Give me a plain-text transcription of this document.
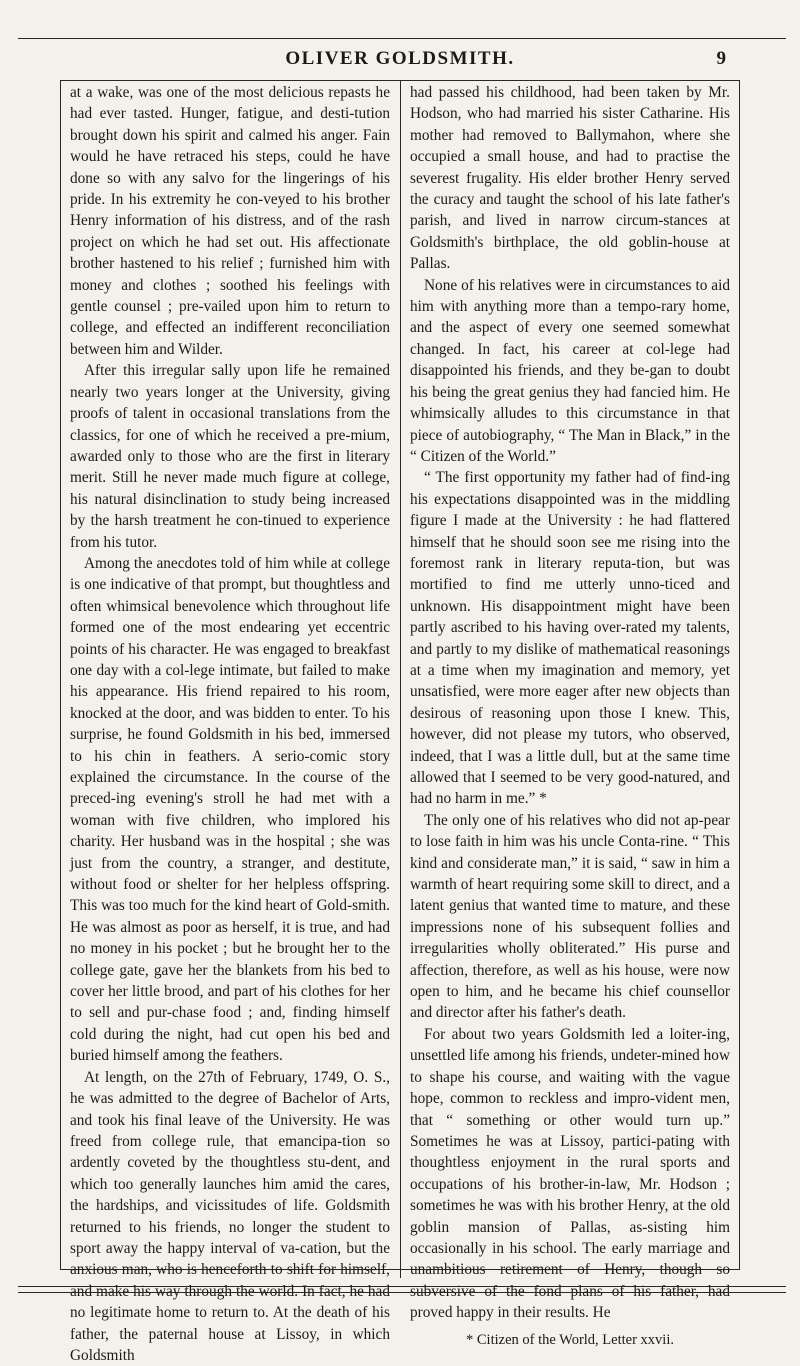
OLIVER GOLDSMITH.	9

at a wake, was one of the most delicious repasts he had ever tasted. Hunger, fatigue, and desti-tution brought down his spirit and calmed his anger. Fain would he have retraced his steps, could he have done so with any salvo for the lingerings of his pride. In his extremity he con-veyed to his brother Henry information of his distress, and of the rash project on which he had set out. His affectionate brother hastened to his relief ; furnished him with money and clothes ; soothed his feelings with gentle counsel ; pre-vailed upon him to return to college, and effected an indifferent reconciliation between him and Wilder.

After this irregular sally upon life he remained nearly two years longer at the University, giving proofs of talent in occasional translations from the classics, for one of which he received a pre-mium, awarded only to those who are the first in literary merit. Still he never made much figure at college, his natural disinclination to study being increased by the harsh treatment he con-tinued to experience from his tutor.

Among the anecdotes told of him while at college is one indicative of that prompt, but thoughtless and often whimsical benevolence which throughout life formed one of the most endearing yet eccentric points of his character. He was engaged to breakfast one day with a col-lege intimate, but failed to make his appearance. His friend repaired to his room, knocked at the door, and was bidden to enter. To his surprise, he found Goldsmith in his bed, immersed to his chin in feathers. A serio-comic story explained the circumstance. In the course of the preced-ing evening's stroll he had met with a woman with five children, who implored his charity. Her husband was in the hospital ; she was just from the country, a stranger, and destitute, without food or shelter for her helpless offspring. This was too much for the kind heart of Gold-smith. He was almost as poor as herself, it is true, and had no money in his pocket ; but he brought her to the college gate, gave her the blankets from his bed to cover her little brood, and part of his clothes for her to sell and pur-chase food ; and, finding himself cold during the night, had cut open his bed and buried himself among the feathers.

At length, on the 27th of February, 1749, O. S., he was admitted to the degree of Bachelor of Arts, and took his final leave of the University. He was freed from college rule, that emancipa-tion so ardently coveted by the thoughtless stu-dent, and which too generally launches him amid the cares, the hardships, and vicissitudes of life. Goldsmith returned to his friends, no longer the student to sport away the happy interval of va-cation, but the anxious man, who is henceforth to shift for himself, and make his way through the world. In fact, he had no legitimate home to return to. At the death of his father, the paternal house at Lissoy, in which Goldsmith

had passed his childhood, had been taken by Mr. Hodson, who had married his sister Catharine. His mother had removed to Ballymahon, where she occupied a small house, and had to practise the severest frugality. His elder brother Henry served the curacy and taught the school of his late father's parish, and lived in narrow circum-stances at Goldsmith's birthplace, the old goblin-house at Pallas.

None of his relatives were in circumstances to aid him with anything more than a tempo-rary home, and the aspect of every one seemed somewhat changed. In fact, his career at col-lege had disappointed his friends, and they be-gan to doubt his being the great genius they had fancied him. He whimsically alludes to this circumstance in that piece of autobiography, “ The Man in Black,” in the “ Citizen of the World.”

“ The first opportunity my father had of find-ing his expectations disappointed was in the middling figure I made at the University : he had flattered himself that he should soon see me rising into the foremost rank in literary reputa-tion, but was mortified to find me utterly unno-ticed and unknown. His disappointment might have been partly ascribed to his having over-rated my talents, and partly to my dislike of mathematical reasonings at a time when my imagination and memory, yet unsatisfied, were more eager after new objects than desirous of reasoning upon those I knew. This, however, did not please my tutors, who observed, indeed, that I was a little dull, but at the same time allowed that I seemed to be very good-natured, and had no harm in me.” *

The only one of his relatives who did not ap-pear to lose faith in him was his uncle Conta-rine. “ This kind and considerate man,” it is said, “ saw in him a warmth of heart requiring some skill to direct, and a latent genius that wanted time to mature, and these impressions none of his subsequent follies and irregularities wholly obliterated.” His purse and affection, therefore, as well as his house, were now open to him, and he became his chief counsellor and director after his father's death.

For about two years Goldsmith led a loiter-ing, unsettled life among his friends, undeter-mined how to shape his course, and waiting with the vague hope, common to reckless and impro-vident men, that “ something or other would turn up.” Sometimes he was at Lissoy, partici-pating with thoughtless enjoyment in the rural sports and occupations of his brother-in-law, Mr. Hodson ; sometimes he was with his brother Henry, at the old goblin mansion of Pallas, as-sisting him occasionally in his school. The early marriage and unambitious retirement of Henry, though so subversive of the fond plans of his father, had proved happy in their results. He

* Citizen of the World, Letter xxvii.
